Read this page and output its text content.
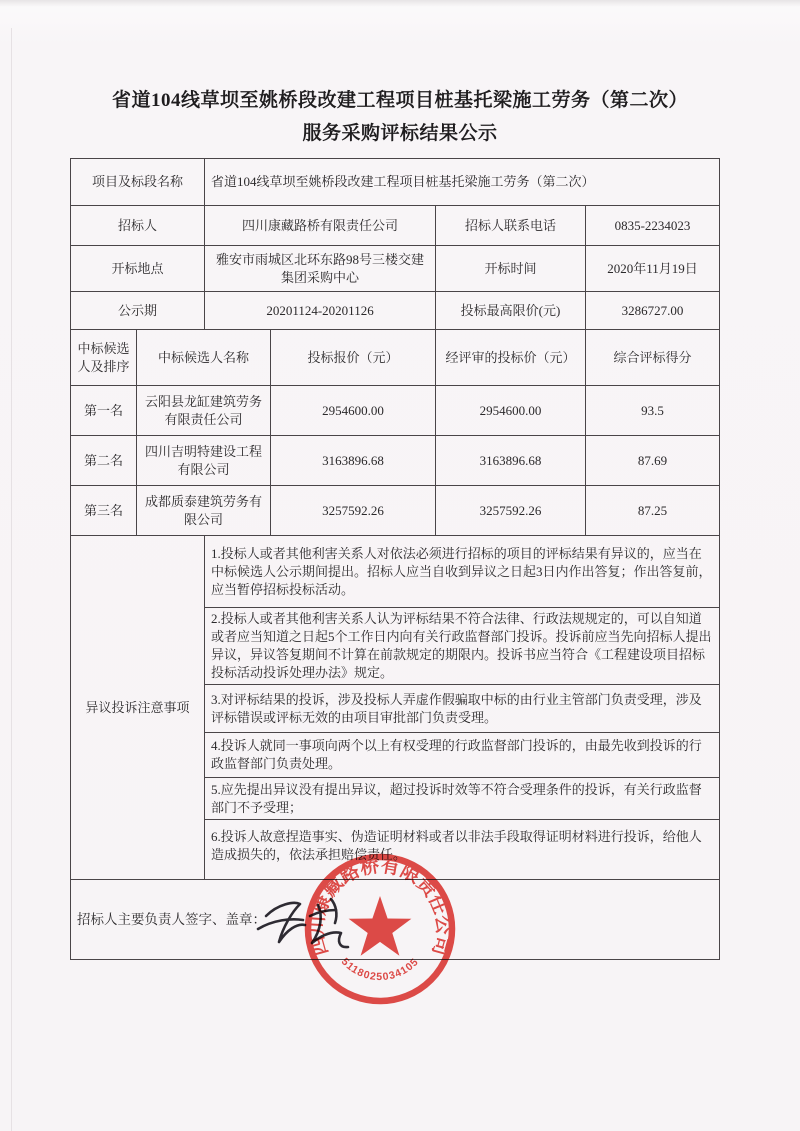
省道104线草坝至姚桥段改建工程项目桩基托梁施工劳务（第二次）
服务采购评标结果公示
项目及标段名称		省道104线草坝至姚桥段改建工程项目桩基托梁施工劳务（第二次）			
招标人		四川康藏路桥有限责任公司		招标人联系电话	0835-2234023
开标地点		雅安市雨城区北环东路98号三楼交建集团采购中心		开标时间	2020年11月19日
公示期		20201124-20201126		投标最高限价(元)	3286727.00
中标候选人及排序	中标候选人名称		投标报价（元）	经评审的投标价（元）	综合评标得分
第一名	云阳县龙缸建筑劳务有限责任公司		2954600.00	2954600.00	93.5
第二名	四川吉明特建设工程有限公司		3163896.68	3163896.68	87.69
第三名	成都质泰建筑劳务有限公司		3257592.26	3257592.26	87.25
异议投诉注意事项		1.投标人或者其他利害关系人对依法必须进行招标的项目的评标结果有异议的，应当在中标候选人公示期间提出。招标人应当自收到异议之日起3日内作出答复；作出答复前，应当暂停招标投标活动。			
		2.投标人或者其他利害关系人认为评标结果不符合法律、行政法规规定的，可以自知道或者应当知道之日起5个工作日内向有关行政监督部门投诉。投诉前应当先向招标人提出异议，异议答复期间不计算在前款规定的期限内。投诉书应当符合《工程建设项目招标投标活动投诉处理办法》规定。			
		3.对评标结果的投诉，涉及投标人弄虚作假骗取中标的由行业主管部门负责受理，涉及评标错误或评标无效的由项目审批部门负责受理。			
		4.投诉人就同一事项向两个以上有权受理的行政监督部门投诉的，由最先收到投诉的行政监督部门负责处理。			
		5.应先提出异议没有提出异议，超过投诉时效等不符合受理条件的投诉，有关行政监督部门不予受理；			
		6.投诉人故意捏造事实、伪造证明材料或者以非法手段取得证明材料进行投诉，给他人造成损失的，依法承担赔偿责任。			
招标人主要负责人签字、盖章：					
四川康藏路桥有限责任公司
5118025034105
